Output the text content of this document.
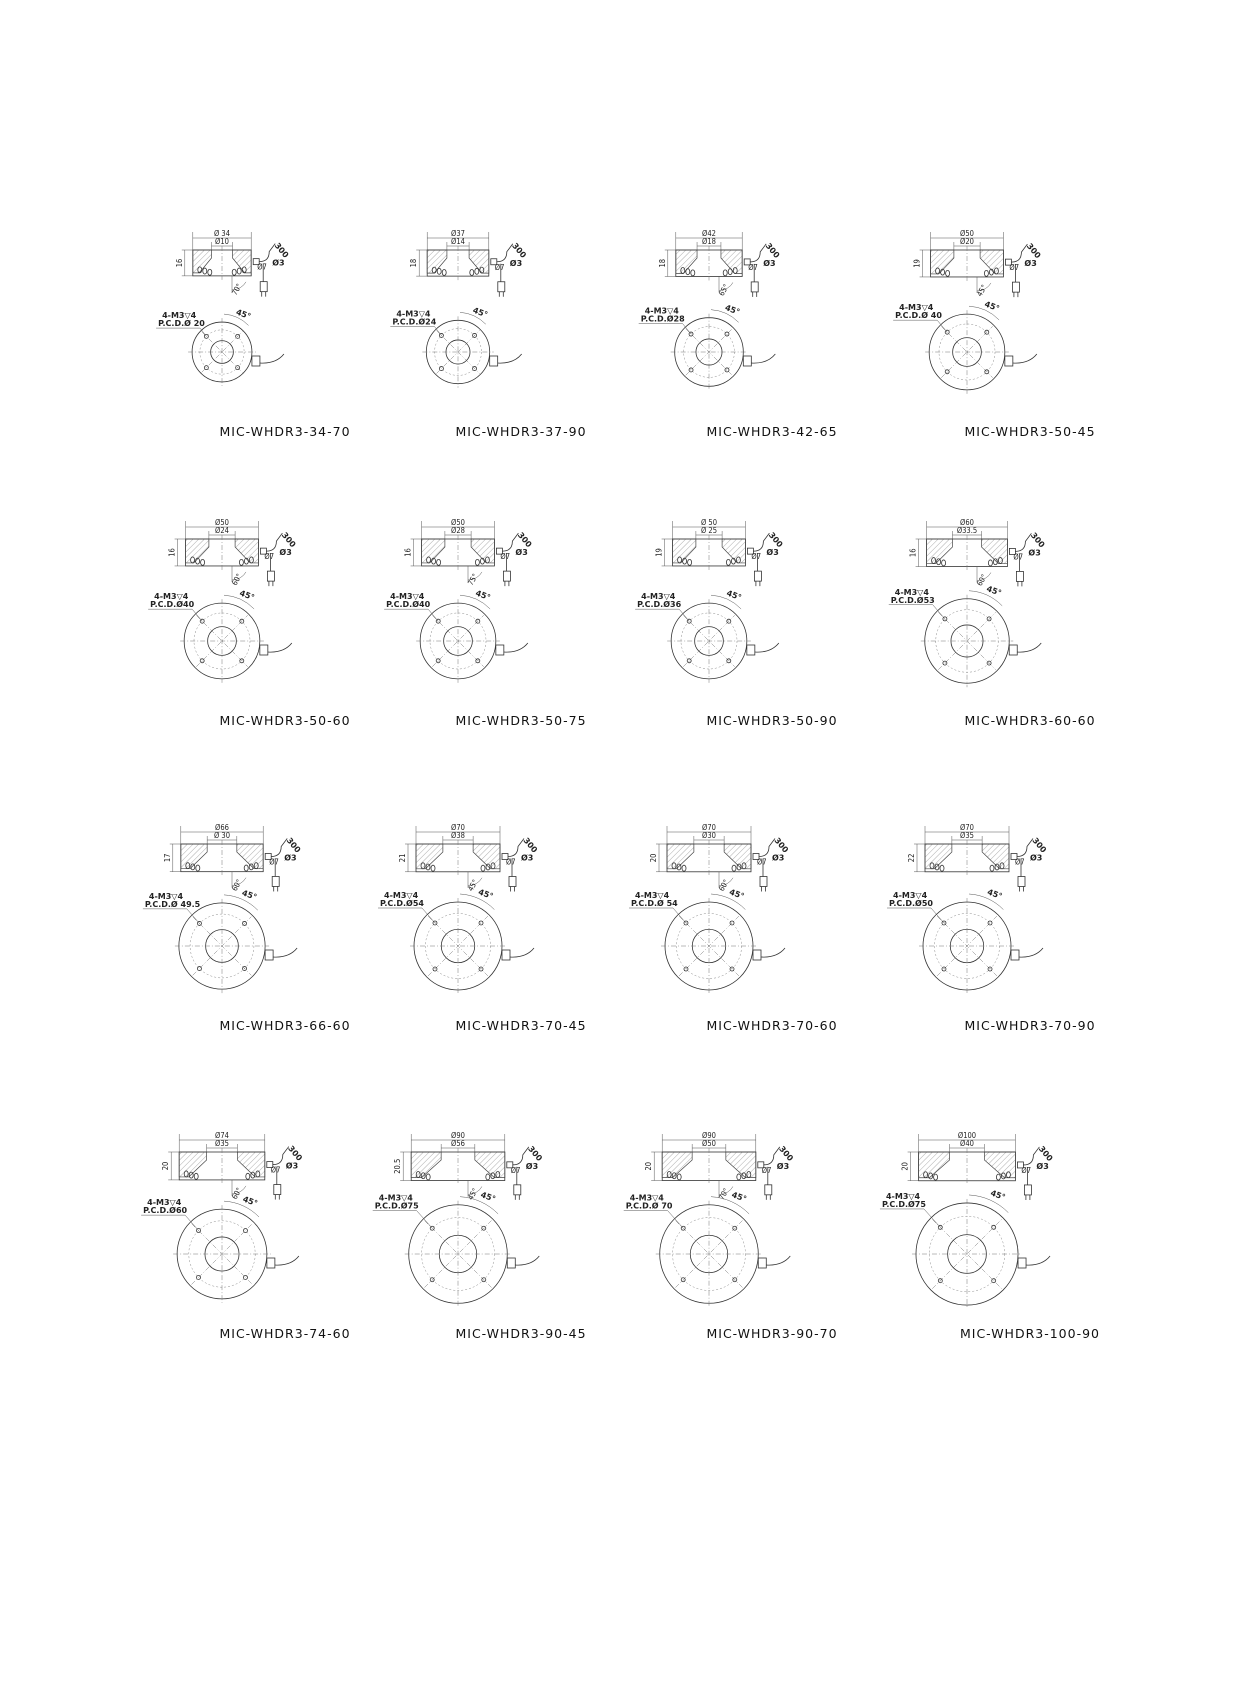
Ø 34
Ø10
16
70°
300
Ø3
Ø7
45°
4-M3▽4
P.C.D.Ø 20
MIC-WHDR3-34-70
Ø37
Ø14
18
300
Ø3
Ø7
45°
4-M3▽4
P.C.D.Ø24
MIC-WHDR3-37-90
Ø42
Ø18
18
65°
300
Ø3
Ø7
45°
4-M3▽4
P.C.D.Ø28
MIC-WHDR3-42-65
Ø50
Ø20
19
45°
300
Ø3
Ø7
45°
4-M3▽4
P.C.D.Ø 40
MIC-WHDR3-50-45
Ø50
Ø24
16
60°
300
Ø3
Ø7
45°
4-M3▽4
P.C.D.Ø40
MIC-WHDR3-50-60
Ø50
Ø28
16
75°
300
Ø3
Ø7
45°
4-M3▽4
P.C.D.Ø40
MIC-WHDR3-50-75
Ø 50
Ø 25
19
300
Ø3
Ø7
45°
4-M3▽4
P.C.D.Ø36
MIC-WHDR3-50-90
Ø60
Ø33.5
16
60°
300
Ø3
Ø7
45°
4-M3▽4
P.C.D.Ø53
MIC-WHDR3-60-60
Ø66
Ø 30
17
60°
300
Ø3
Ø7
45°
4-M3▽4
P.C.D.Ø 49.5
MIC-WHDR3-66-60
Ø70
Ø38
21
45°
300
Ø3
Ø7
45°
4-M3▽4
P.C.D.Ø54
MIC-WHDR3-70-45
Ø70
Ø30
20
60°
300
Ø3
Ø7
45°
4-M3▽4
P.C.D.Ø 54
MIC-WHDR3-70-60
Ø70
Ø35
22
300
Ø3
Ø7
45°
4-M3▽4
P.C.D.Ø50
MIC-WHDR3-70-90
Ø74
Ø35
20
60°
300
Ø3
Ø7
45°
4-M3▽4
P.C.D.Ø60
MIC-WHDR3-74-60
Ø90
Ø56
20.5
45°
300
Ø3
Ø7
45°
4-M3▽4
P.C.D.Ø75
MIC-WHDR3-90-45
Ø90
Ø50
20
70°
300
Ø3
Ø7
45°
4-M3▽4
P.C.D.Ø 70
MIC-WHDR3-90-70
Ø100
Ø40
20
300
Ø3
Ø7
45°
4-M3▽4
P.C.D.Ø75
MIC-WHDR3-100-90
